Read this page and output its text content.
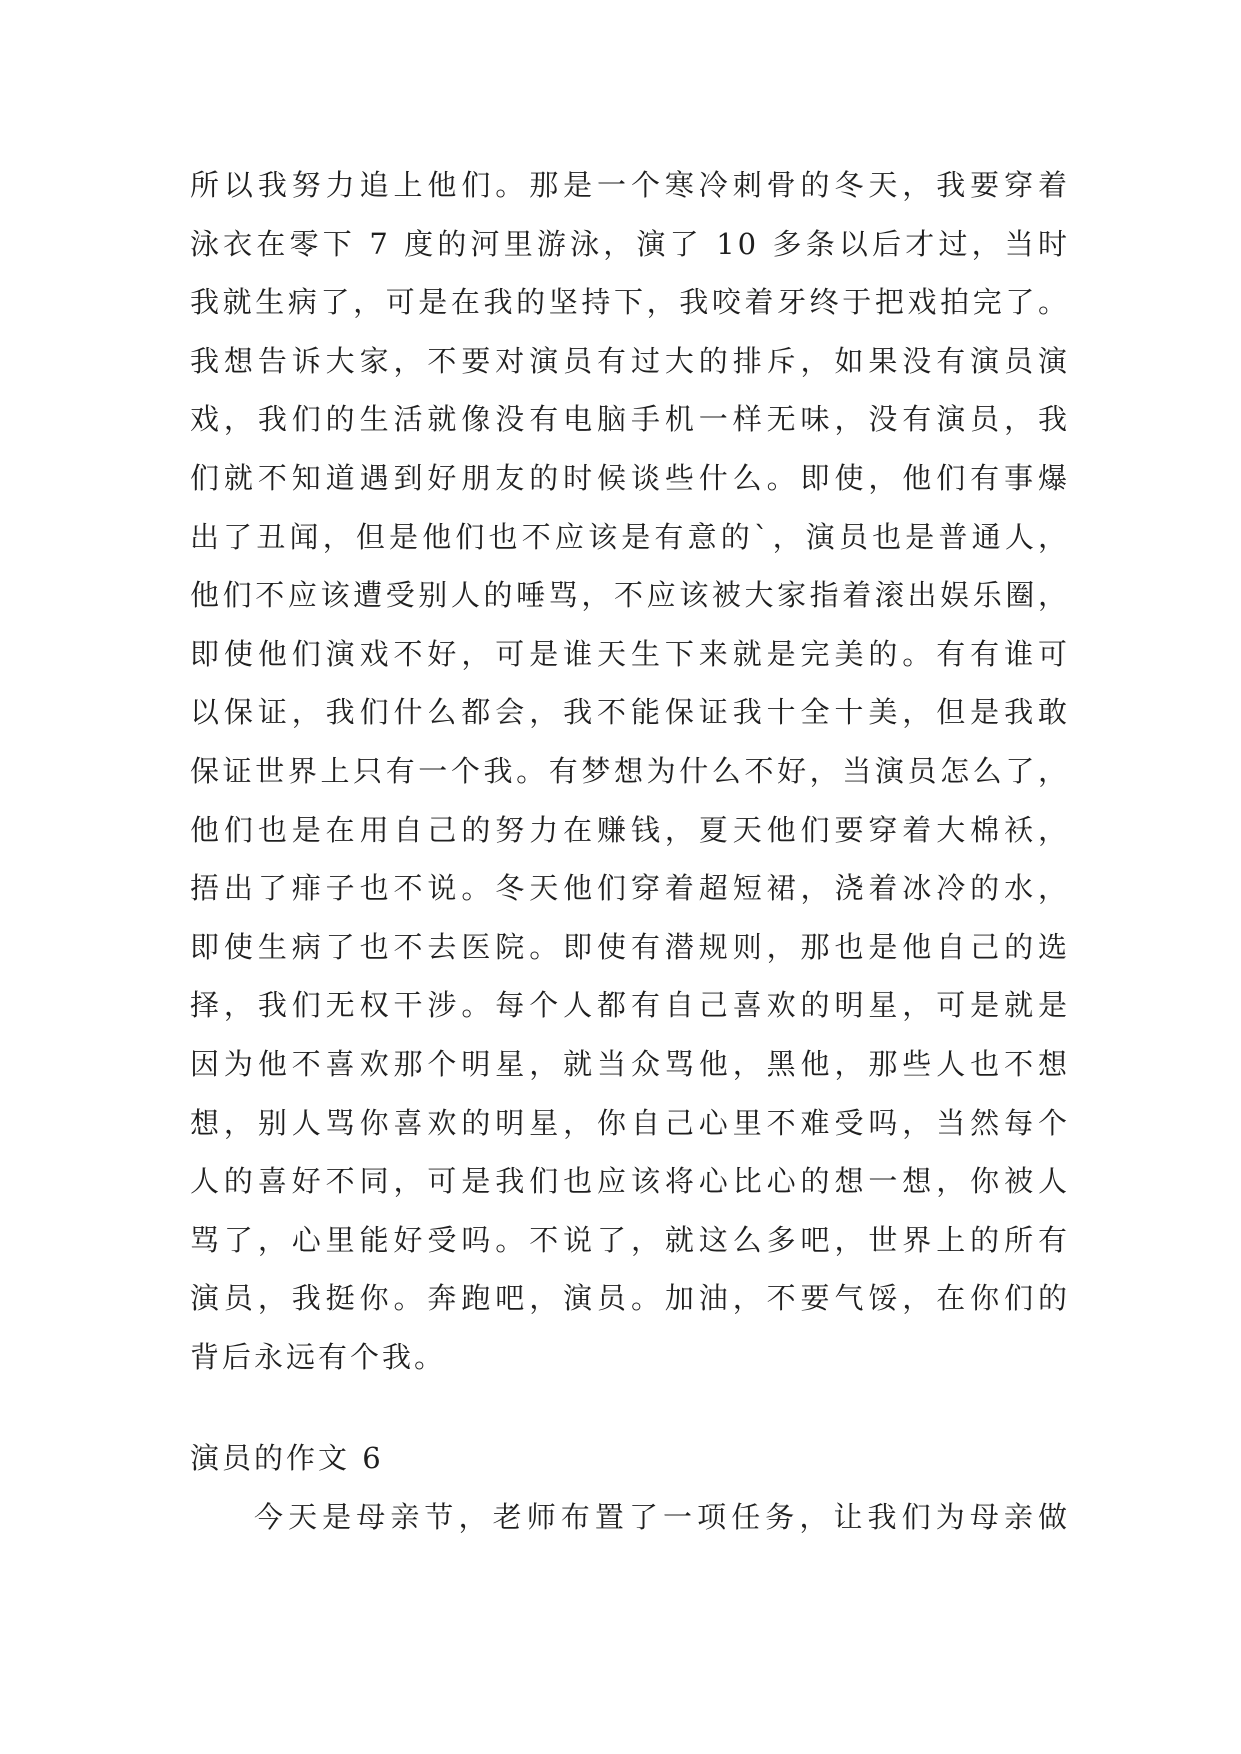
所以我努力追上他们。那是一个寒冷刺骨的冬天，我要穿着
泳衣在零下 7 度的河里游泳，演了 10 多条以后才过，当时
我就生病了，可是在我的坚持下，我咬着牙终于把戏拍完了。
我想告诉大家，不要对演员有过大的排斥，如果没有演员演
戏，我们的生活就像没有电脑手机一样无味，没有演员，我
们就不知道遇到好朋友的时候谈些什么。即使，他们有事爆
出了丑闻，但是他们也不应该是有意的`，演员也是普通人，
他们不应该遭受别人的唾骂，不应该被大家指着滚出娱乐圈，
即使他们演戏不好，可是谁天生下来就是完美的。有有谁可
以保证，我们什么都会，我不能保证我十全十美，但是我敢
保证世界上只有一个我。有梦想为什么不好，当演员怎么了，
他们也是在用自己的努力在赚钱，夏天他们要穿着大棉袄，
捂出了痱子也不说。冬天他们穿着超短裙，浇着冰冷的水，
即使生病了也不去医院。即使有潜规则，那也是他自己的选
择，我们无权干涉。每个人都有自己喜欢的明星，可是就是
因为他不喜欢那个明星，就当众骂他，黑他，那些人也不想
想，别人骂你喜欢的明星，你自己心里不难受吗，当然每个
人的喜好不同，可是我们也应该将心比心的想一想，你被人
骂了，心里能好受吗。不说了，就这么多吧，世界上的所有
演员，我挺你。奔跑吧，演员。加油，不要气馁，在你们的
背后永远有个我。
演员的作文 6
今天是母亲节，老师布置了一项任务，让我们为母亲做
